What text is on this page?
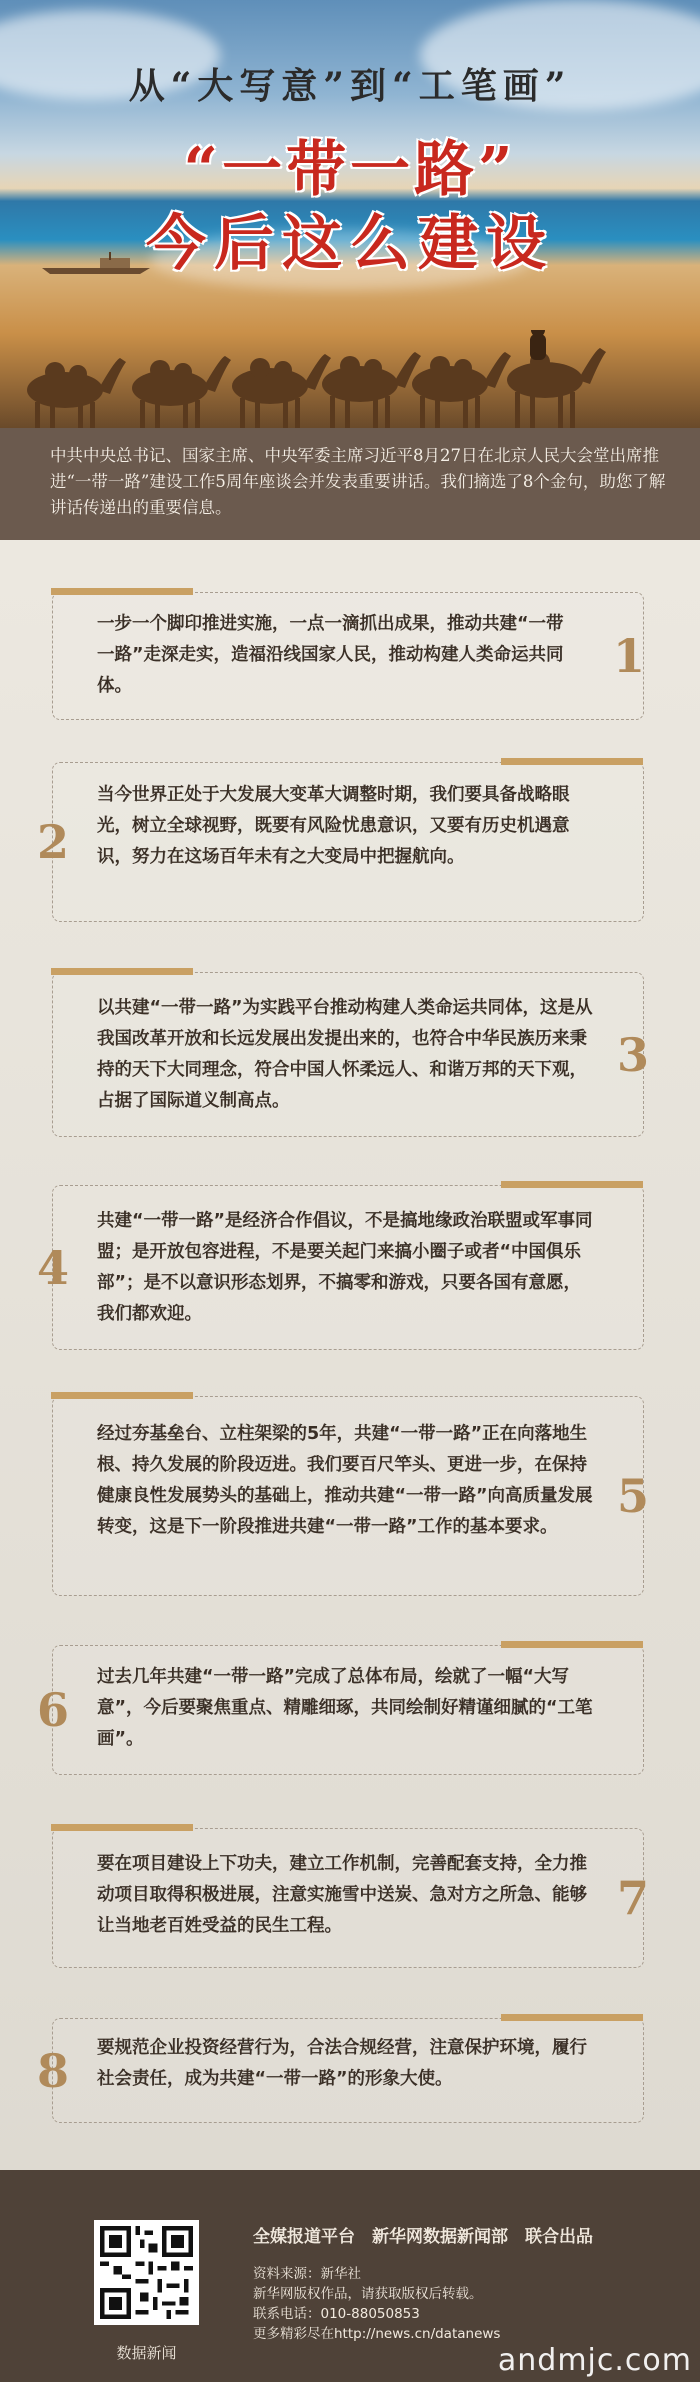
从“大写意”到“工笔画”
“一带一路”
今后这么建设
中共中央总书记、国家主席、中央军委主席习近平8月27日在北京人民大会堂出席推进“一带一路”建设工作5周年座谈会并发表重要讲话。我们摘选了8个金句，助您了解讲话传递出的重要信息。
一步一个脚印推进实施，一点一滴抓出成果，推动共建“一带一路”走深走实，造福沿线国家人民，推动构建人类命运共同体。
1
当今世界正处于大发展大变革大调整时期，我们要具备战略眼光，树立全球视野，既要有风险忧患意识，又要有历史机遇意识，努力在这场百年未有之大变局中把握航向。
2
以共建“一带一路”为实践平台推动构建人类命运共同体，这是从我国改革开放和长远发展出发提出来的，也符合中华民族历来秉持的天下大同理念，符合中国人怀柔远人、和谐万邦的天下观，占据了国际道义制高点。
3
共建“一带一路”是经济合作倡议，不是搞地缘政治联盟或军事同盟；是开放包容进程，不是要关起门来搞小圈子或者“中国俱乐部”；是不以意识形态划界，不搞零和游戏，只要各国有意愿，我们都欢迎。
4
经过夯基垒台、立柱架梁的5年，共建“一带一路”正在向落地生根、持久发展的阶段迈进。我们要百尺竿头、更进一步，在保持健康良性发展势头的基础上，推动共建“一带一路”向高质量发展转变，这是下一阶段推进共建“一带一路”工作的基本要求。
5
过去几年共建“一带一路”完成了总体布局，绘就了一幅“大写意”，今后要聚焦重点、精雕细琢，共同绘制好精谨细腻的“工笔画”。
6
要在项目建设上下功夫，建立工作机制，完善配套支持，全力推动项目取得积极进展，注意实施雪中送炭、急对方之所急、能够让当地老百姓受益的民生工程。
7
要规范企业投资经营行为，合法合规经营，注意保护环境，履行社会责任，成为共建“一带一路”的形象大使。
8
数据新闻
全媒报道平台　新华网数据新闻部　联合出品
资料来源：新华社
新华网版权作品，请获取版权后转载。
联系电话：010-88050853
更多精彩尽在http://news.cn/datanews
andmjc.com
